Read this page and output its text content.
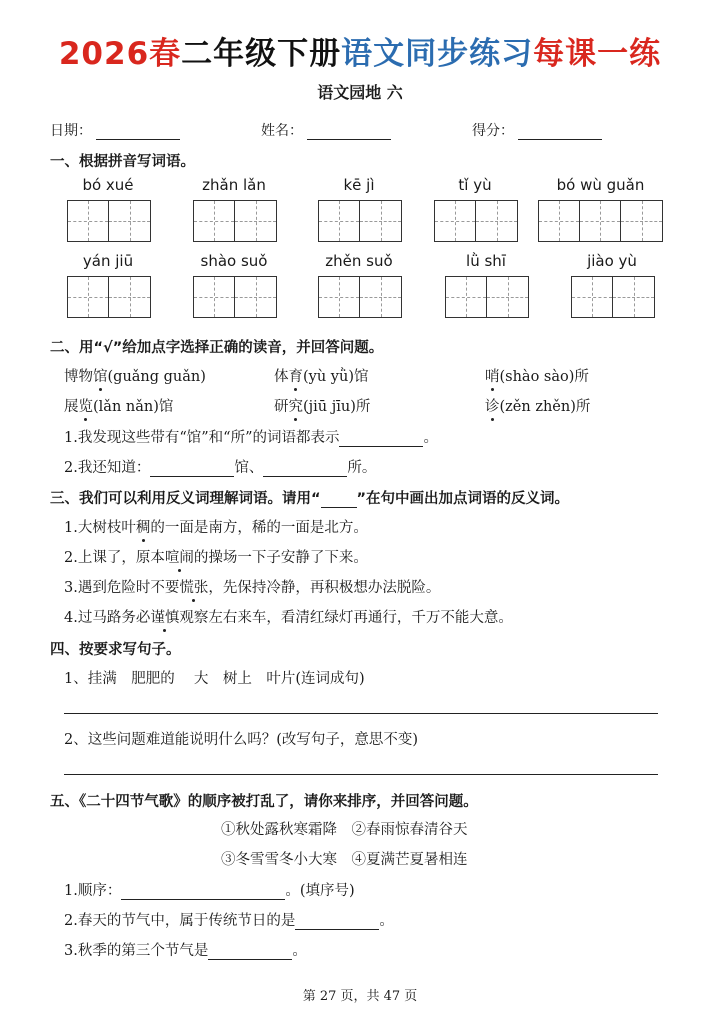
2026春二年级下册语文同步练习每课一练
语文园地 六
日期：	姓名：	得分：
一、根据拼音写词语。
bó xué	zhǎn lǎn	kē jì	tǐ yù	bó wù guǎn
yán jiū	shào suǒ	zhěn suǒ	lǜ shī	jiào yù
二、用“√”给加点字选择正确的读音，并回答问题。
博物馆(guǎng guǎn)	体育(yù yǜ)馆	哨(shào sào)所
展览(lǎn nǎn)馆	研究(jiū jīu)所	诊(zěn zhěn)所
1.我发现这些带有“馆”和“所”的词语都表示	。
2.我还知道：	馆、	所。
三、我们可以利用反义词理解词语。请用“ ”在句中画出加点词语的反义词。
1.大树枝叶稠的一面是南方，稀的一面是北方。
2.上课了，原本喧闹的操场一下子安静了下来。
3.遇到危险时不要慌张，先保持冷静，再积极想办法脱险。
4.过马路务必谨慎观察左右来车，看清红绿灯再通行，千万不能大意。
四、按要求写句子。
1、挂满　肥肥的　 大　树上　叶片(连词成句)
2、这些问题难道能说明什么吗？(改写句子，意思不变)
五、《二十四节气歌》的顺序被打乱了，请你来排序，并回答问题。
①秋处露秋寒霜降　②春雨惊春清谷天
③冬雪雪冬小大寒　④夏满芒夏暑相连
1.顺序：	。(填序号)
2.春天的节气中，属于传统节日的是	。
3.秋季的第三个节气是	。
第 27 页，共 47 页
